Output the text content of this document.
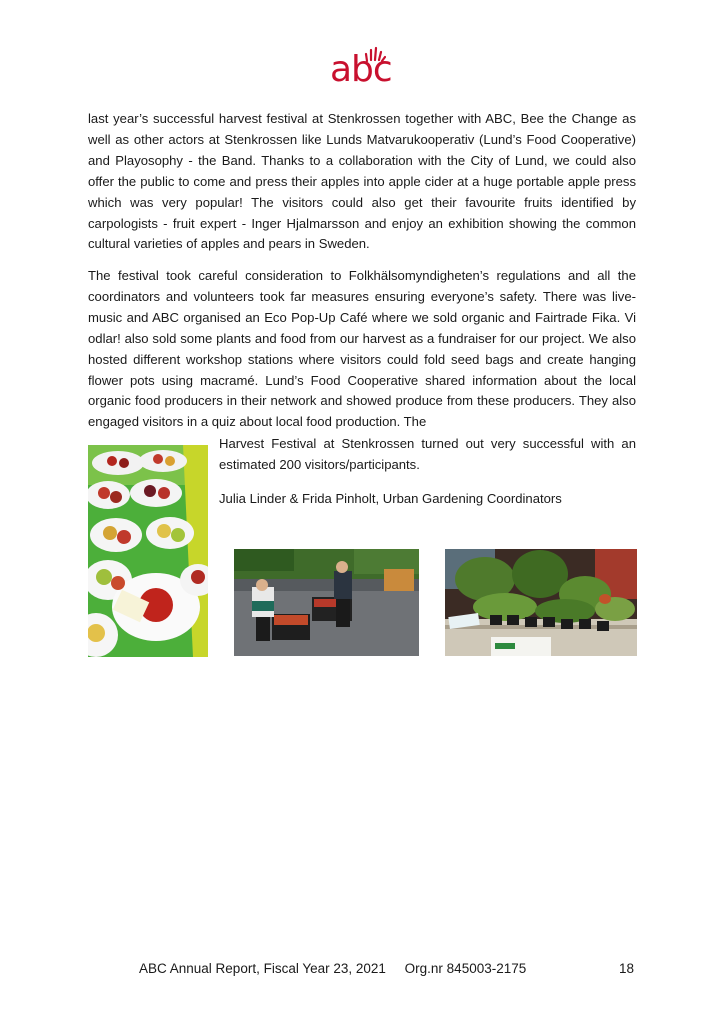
abc

last year’s successful harvest festival at Stenkrossen together with ABC, Bee the Change as well as other actors at Stenkrossen like Lunds Matvarukooperativ (Lund’s Food Cooperative) and Playosophy - the Band. Thanks to a collaboration with the City of Lund, we could also offer the public to come and press their apples into apple cider at a huge portable apple press which was very popular! The visitors could also get their favourite fruits identified by carpologists - fruit expert - Inger Hjalmarsson and enjoy an exhibition showing the common cultural varieties of apples and pears in Sweden.

The festival took careful consideration to Folkhälsomyndigheten’s regulations and all the coordinators and volunteers took far measures ensuring everyone’s safety. There was live-music and ABC organised an Eco Pop-Up Café where we sold organic and Fairtrade Fika. Vi odlar! also sold some plants and food from our harvest as a fundraiser for our project. We also hosted different workshop stations where visitors could fold seed bags and create hanging flower pots using macramé. Lund’s Food Cooperative shared information about the local organic food producers in their network and showed produce from these producers. They also engaged visitors in a quiz about local food production. The

Harvest Festival at Stenkrossen turned out very successful with an estimated 200 visitors/participants.

Julia Linder & Frida Pinholt, Urban Gardening Coordinators

ABC Annual Report, Fiscal Year 23, 2021     Org.nr 845003-2175	18
